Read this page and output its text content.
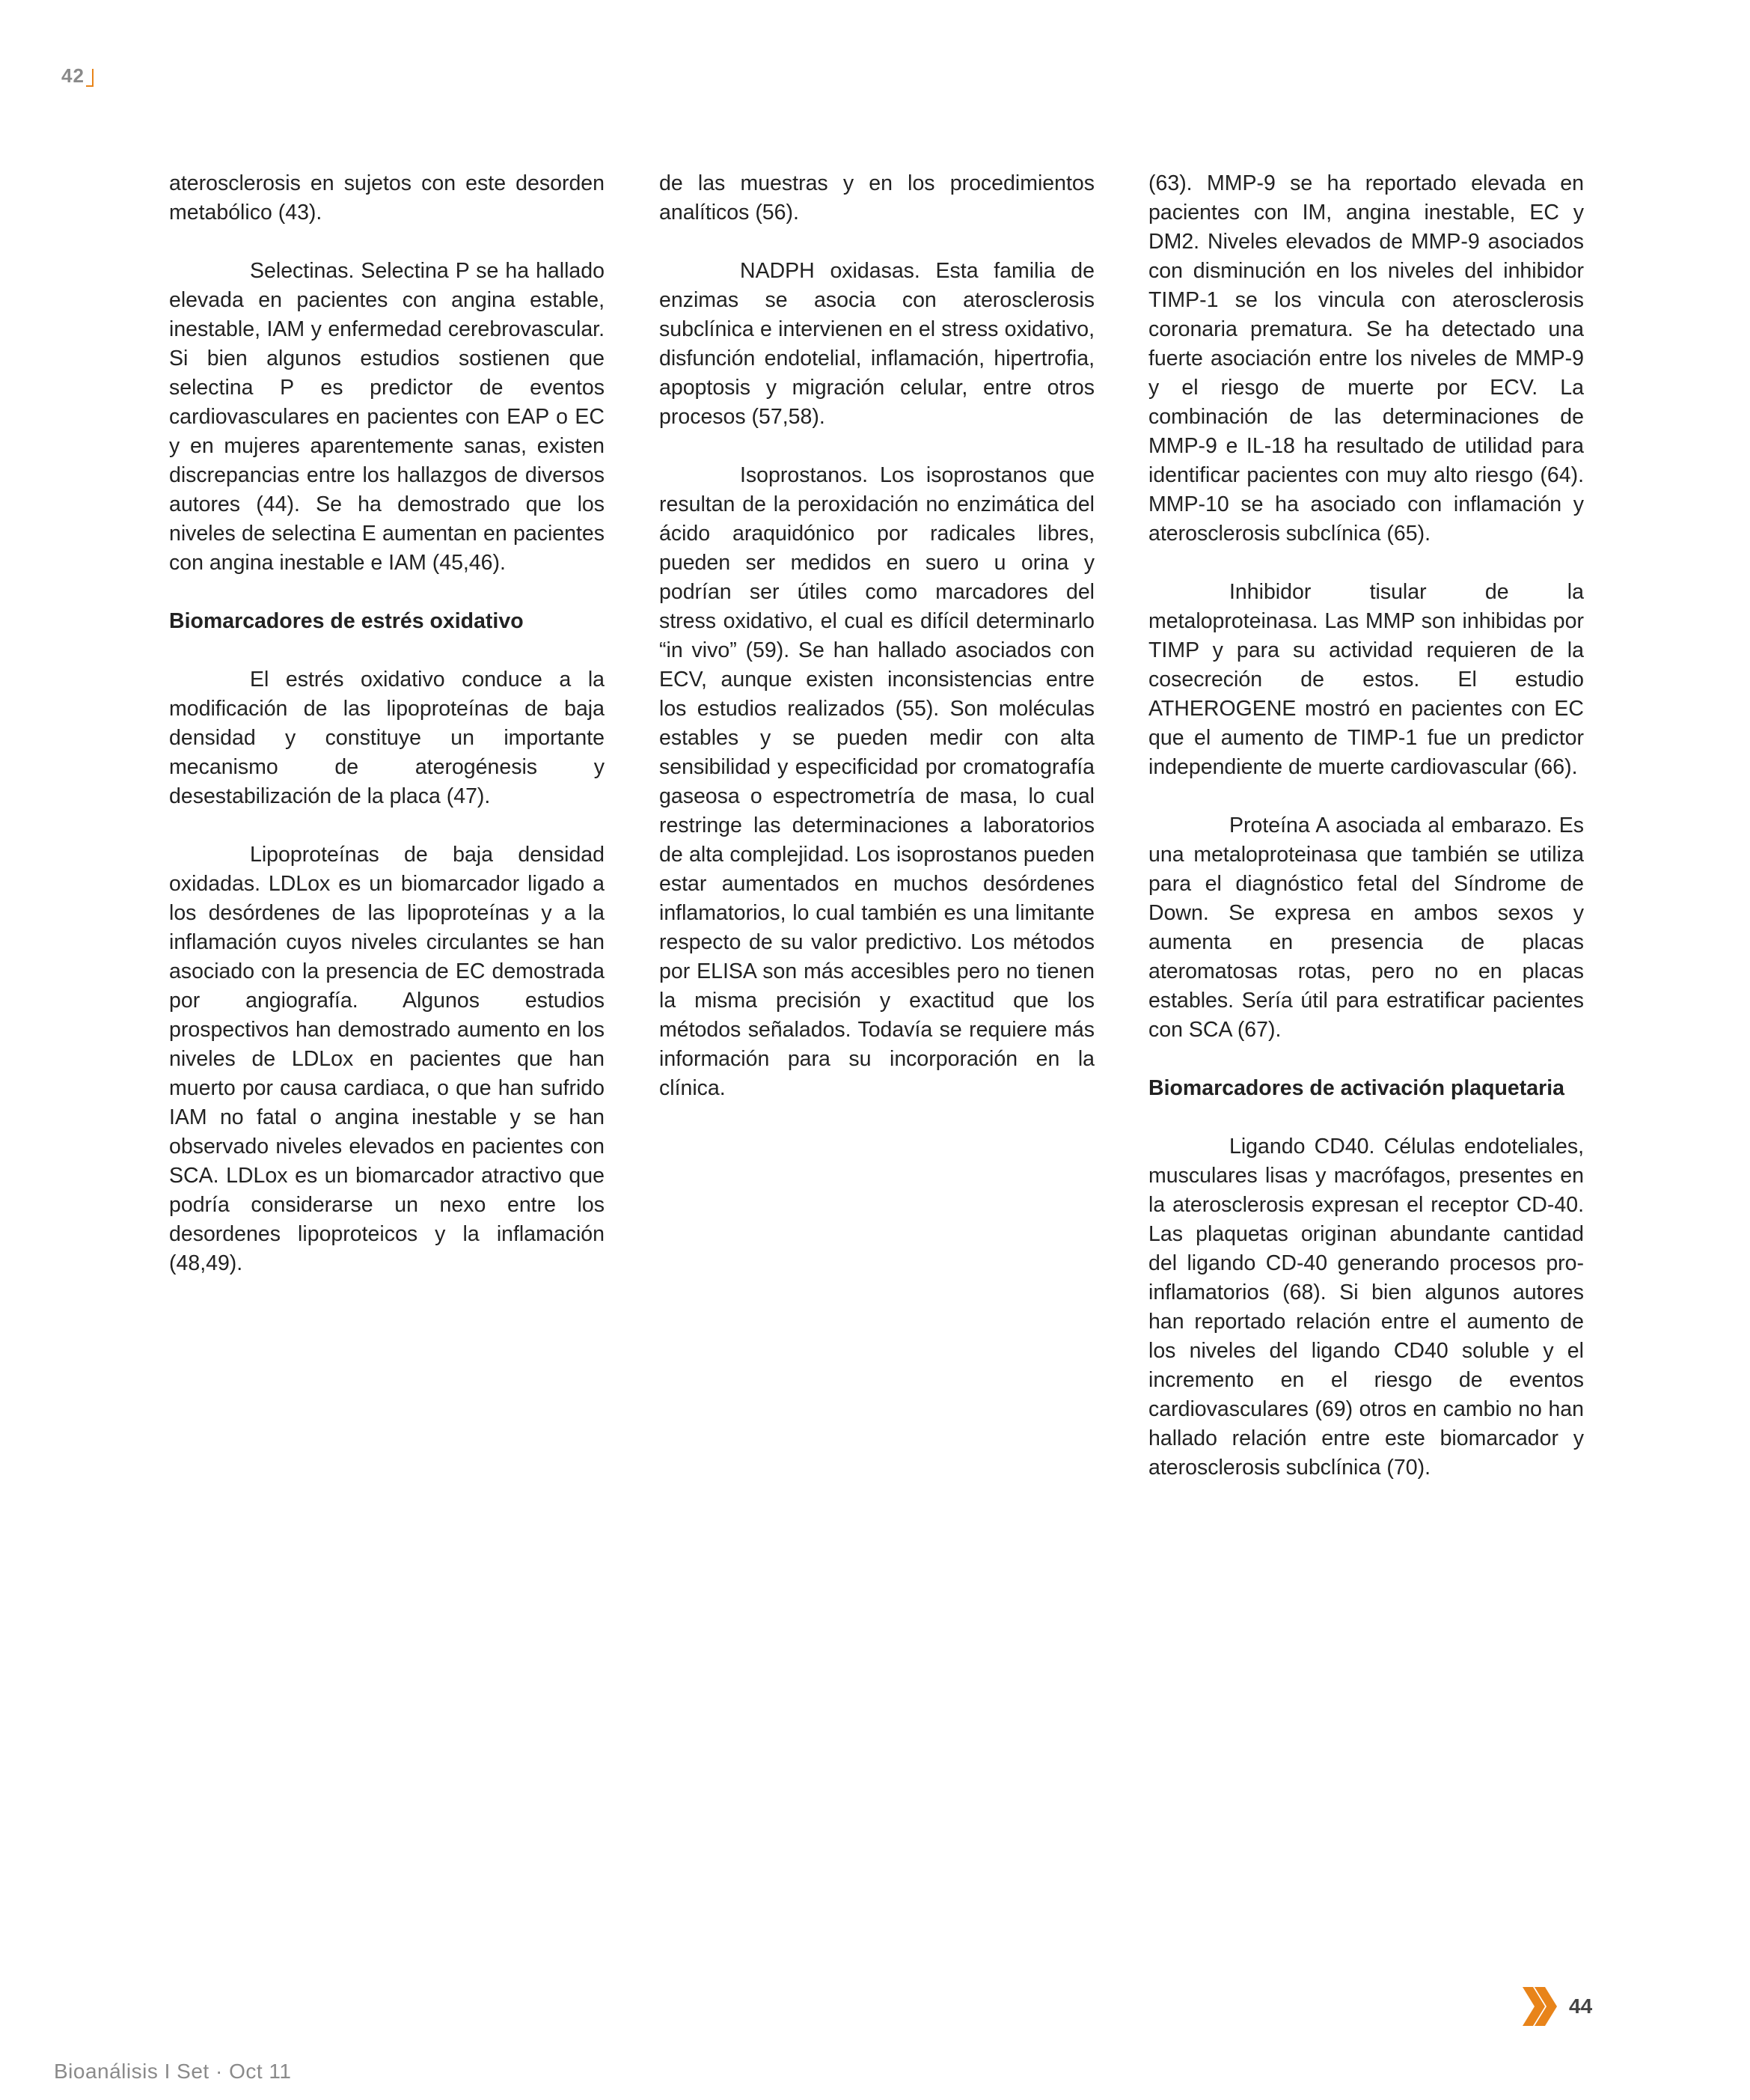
42

aterosclerosis en sujetos con este desorden metabólico (43).

Selectinas. Selectina P se ha hallado elevada en pacientes con angina estable, inestable, IAM y enfermedad cerebrovascular. Si bien algunos estudios sostienen que selectina P es predictor de eventos cardiovasculares en pacientes con EAP o EC y en mujeres aparentemente sanas, existen discrepancias entre los hallazgos de diversos autores (44). Se ha demostrado que los niveles de selectina E aumentan en pacientes con angina inestable e IAM (45,46).

Biomarcadores de estrés oxidativo

El estrés oxidativo conduce a la modificación de las lipoproteínas de baja densidad y constituye un importante mecanismo de aterogénesis y desestabilización de la placa (47).

Lipoproteínas de baja densidad oxidadas. LDLox es un biomarcador ligado a los desórdenes de las lipoproteínas y a la inflamación cuyos niveles circulantes se han asociado con la presencia de EC demostrada por angiografía. Algunos estudios prospectivos han demostrado aumento en los niveles de LDLox en pacientes que han muerto por causa cardiaca, o que han sufrido IAM no fatal o angina inestable y se han observado niveles elevados en pacientes con SCA. LDLox es un biomarcador atractivo que podría considerarse un nexo entre los desordenes lipoproteicos y la inflamación (48,49).

de las muestras y en los procedimientos analíticos (56).

NADPH oxidasas. Esta familia de enzimas se asocia con aterosclerosis subclínica e intervienen en el stress oxidativo, disfunción endotelial, inflamación, hipertrofia, apoptosis y migración celular, entre otros procesos (57,58).

Isoprostanos. Los isoprostanos que resultan de la peroxidación no enzimática del ácido araquidónico por radicales libres, pueden ser medidos en suero u orina y podrían ser útiles como marcadores del stress oxidativo, el cual es difícil determinarlo “in vivo” (59). Se han hallado asociados con ECV, aunque existen inconsistencias entre los estudios realizados (55). Son moléculas estables y se pueden medir con alta sensibilidad y especificidad por cromatografía gaseosa o espectrometría de masa, lo cual restringe las determinaciones a laboratorios de alta complejidad. Los isoprostanos pueden estar aumentados en muchos desórdenes inflamatorios, lo cual también es una limitante respecto de su valor predictivo. Los métodos por ELISA son más accesibles pero no tienen la misma precisión y exactitud que los métodos señalados. Todavía se requiere más información para su incorporación en la clínica.

(63). MMP-9 se ha reportado elevada en pacientes con IM, angina inestable, EC y DM2. Niveles elevados de MMP-9 asociados con disminución en los niveles del inhibidor TIMP-1 se los vincula con aterosclerosis coronaria prematura. Se ha detectado una fuerte asociación entre los niveles de MMP-9 y el riesgo de muerte por ECV. La combinación de las determinaciones de MMP-9 e IL-18 ha resultado de utilidad para identificar pacientes con muy alto riesgo (64). MMP-10 se ha asociado con inflamación y aterosclerosis subclínica (65).

Inhibidor tisular de la metaloproteinasa. Las MMP son inhibidas por TIMP y para su actividad requieren de la cosecreción de estos. El estudio ATHEROGENE mostró en pacientes con EC que el aumento de TIMP-1 fue un predictor independiente de muerte cardiovascular (66).

Proteína A asociada al embarazo. Es una metaloproteinasa que también se utiliza para el diagnóstico fetal del Síndrome de Down. Se expresa en ambos sexos y aumenta en presencia de placas ateromatosas rotas, pero no en placas estables. Sería útil para estratificar pacientes con SCA (67).

Biomarcadores de activación plaquetaria

Ligando CD40. Células endoteliales, musculares lisas y macrófagos, presentes en la aterosclerosis expresan el receptor CD-40. Las plaquetas originan abundante cantidad del ligando CD-40 generando procesos pro-inflamatorios (68). Si bien algunos autores han reportado relación entre el aumento de los niveles del ligando CD40 soluble y el incremento en el riesgo de eventos cardiovasculares (69) otros en cambio no han hallado relación entre este biomarcador y aterosclerosis subclínica (70).

44
Bioanálisis I Set · Oct 11
